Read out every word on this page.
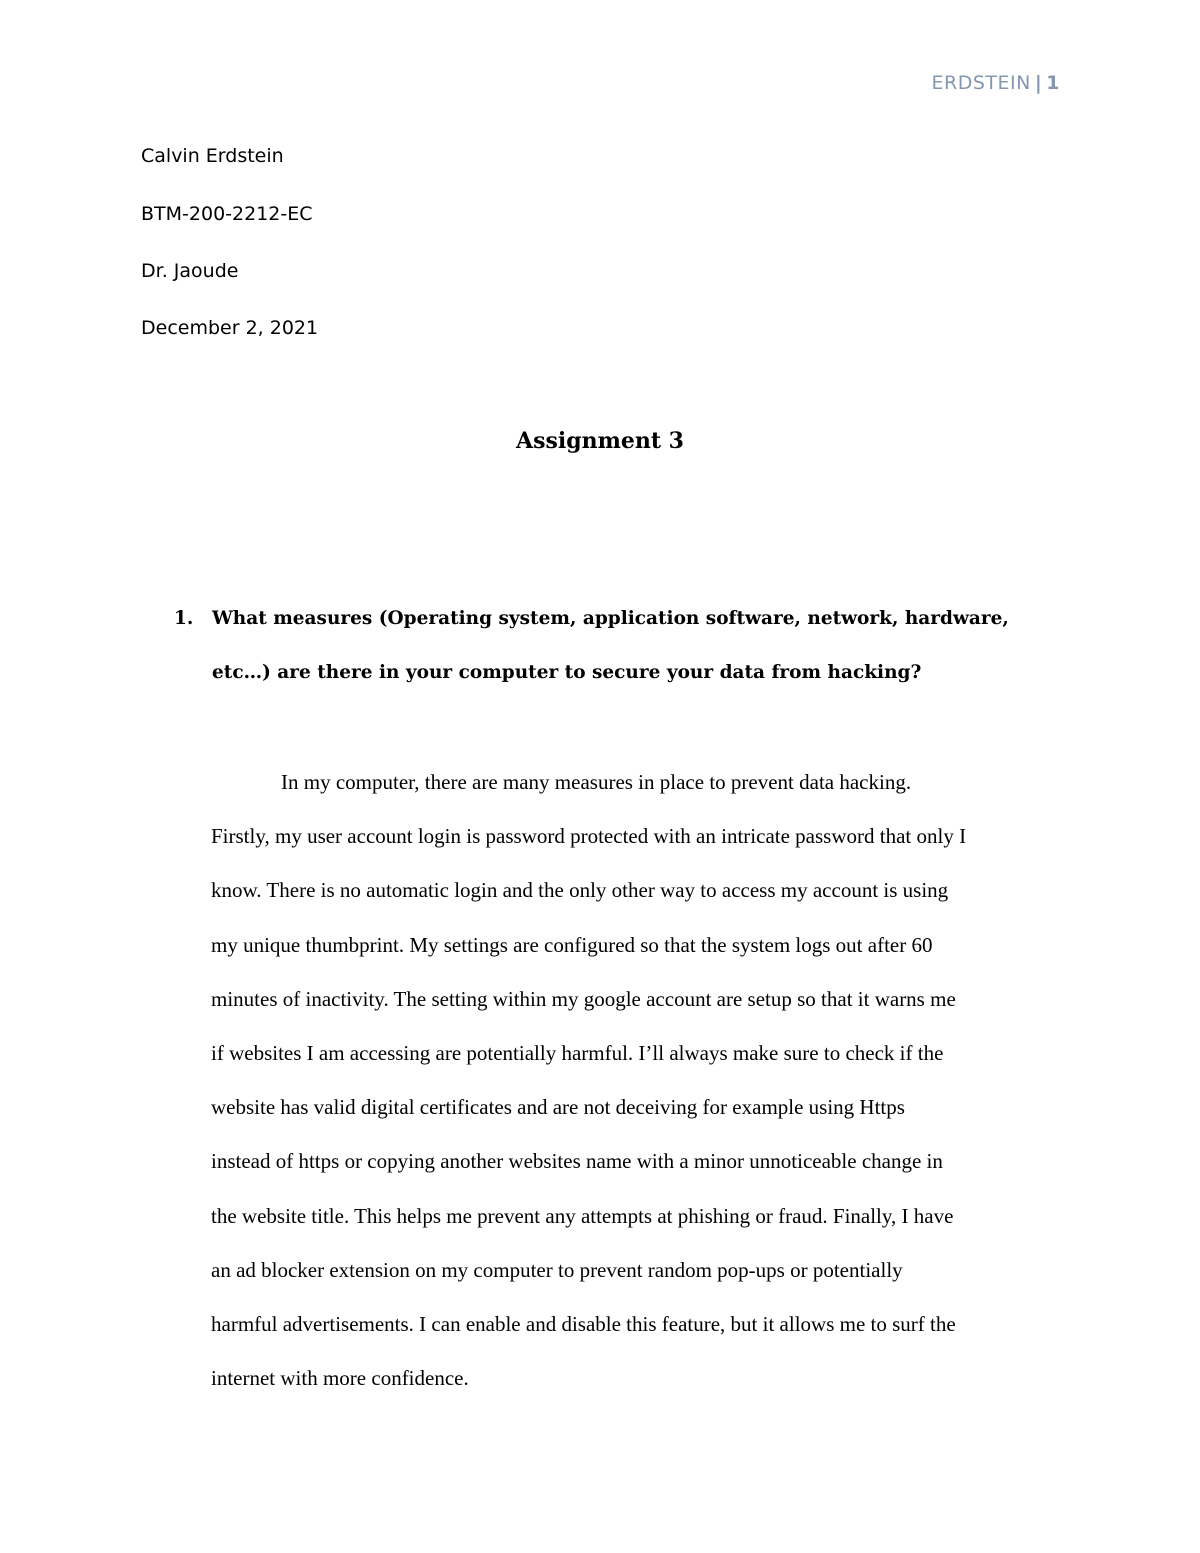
ERDSTEIN | 1
Calvin Erdstein
BTM-200-2212-EC
Dr. Jaoude
December 2, 2021
Assignment 3
1. What measures (Operating system, application software, network, hardware, etc…) are there in your computer to secure your data from hacking?
In my computer, there are many measures in place to prevent data hacking.
Firstly, my user account login is password protected with an intricate password that only I
know. There is no automatic login and the only other way to access my account is using
my unique thumbprint. My settings are configured so that the system logs out after 60
minutes of inactivity. The setting within my google account are setup so that it warns me
if websites I am accessing are potentially harmful. I’ll always make sure to check if the
website has valid digital certificates and are not deceiving for example using Https
instead of https or copying another websites name with a minor unnoticeable change in
the website title. This helps me prevent any attempts at phishing or fraud. Finally, I have
an ad blocker extension on my computer to prevent random pop-ups or potentially
harmful advertisements. I can enable and disable this feature, but it allows me to surf the
internet with more confidence.
